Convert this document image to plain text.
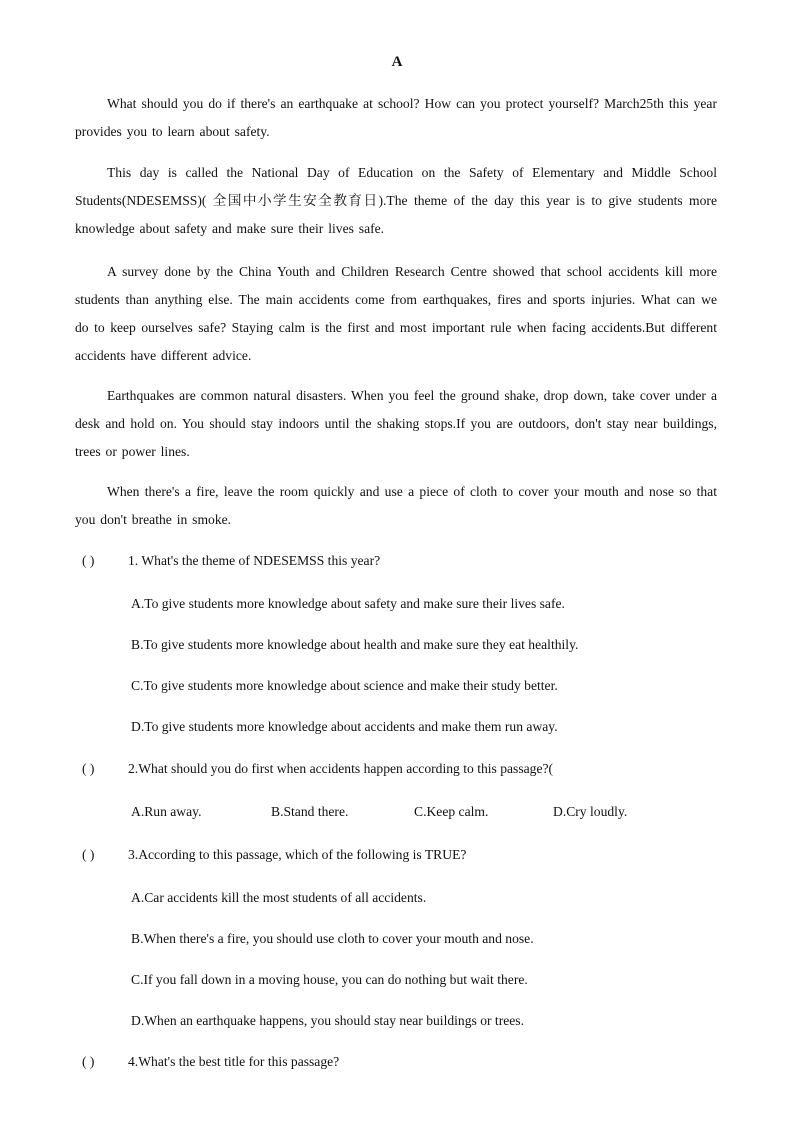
A
What should you do if there's an earthquake at school? How can you protect yourself? March25th this year provides you to learn about safety.
This day is called the National Day of Education on the Safety of Elementary and Middle School Students(NDESEMSS)( 全国中小学生安全教育日).The theme of the day this year is to give students more knowledge about safety and make sure their lives safe.
A survey done by the China Youth and Children Research Centre showed that school accidents kill more students than anything else. The main accidents come from earthquakes, fires and sports injuries. What can we do to keep ourselves safe? Staying calm is the first and most important rule when facing accidents.But different accidents have different advice.
Earthquakes are common natural disasters. When you feel the ground shake, drop down, take cover under a desk and hold on. You should stay indoors until the shaking stops.If you are outdoors, don't stay near buildings, trees or power lines.
When there's a fire, leave the room quickly and use a piece of cloth to cover your mouth and nose so that you don't breathe in smoke.
( ) 1. What's the theme of NDESEMSS this year?
A.To give students more knowledge about safety and make sure their lives safe.
B.To give students more knowledge about health and make sure they eat healthily.
C.To give students more knowledge about science and make their study better.
D.To give students more knowledge about accidents and make them run away.
( ) 2.What should you do first when accidents happen according to this passage?(
A.Run away.	B.Stand there.	C.Keep calm.	D.Cry loudly.
( ) 3.According to this passage, which of the following is TRUE?
A.Car accidents kill the most students of all accidents.
B.When there's a fire, you should use cloth to cover your mouth and nose.
C.If you fall down in a moving house, you can do nothing but wait there.
D.When an earthquake happens, you should stay near buildings or trees.
( ) 4.What's the best title for this passage?
